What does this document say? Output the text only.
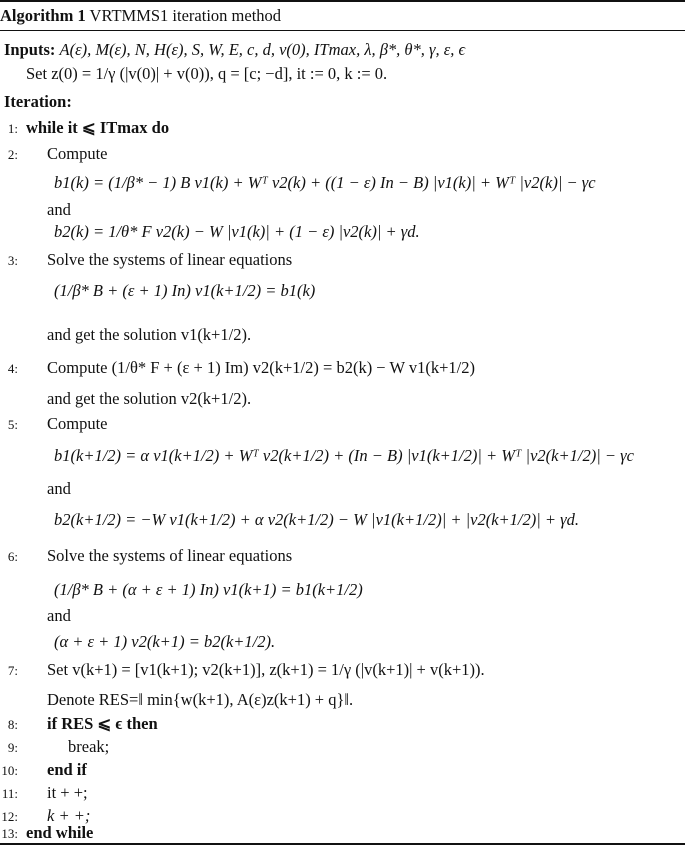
Algorithm 1 VRTMMS1 iteration method
Inputs: A(ε), M(ε), N, H(ε), S, W, E, c, d, v(0), ITmax, λ, β*, θ*, γ, ε, ϵ
Set z(0) = 1/γ (|v(0)| + v(0)), q = [c; −d], it := 0, k := 0.
Iteration:
1: while it ⩽ ITmax do
2: Compute
b1(k) = (1/β* − 1) B v1(k) + Wᵀ v2(k) + ((1 − ε) In − B) |v1(k)| + Wᵀ |v2(k)| − γc
and
b2(k) = 1/θ* F v2(k) − W |v1(k)| + (1 − ε) |v2(k)| + γd.
3: Solve the systems of linear equations
(1/β* B + (ε + 1) In) v1(k+1/2) = b1(k)
and get the solution v1(k+1/2).
4: Compute (1/θ* F + (ε + 1) Im) v2(k+1/2) = b2(k) − W v1(k+1/2)
and get the solution v2(k+1/2).
5: Compute
b1(k+1/2) = α v1(k+1/2) + Wᵀ v2(k+1/2) + (In − B) |v1(k+1/2)| + Wᵀ |v2(k+1/2)| − γc
and
b2(k+1/2) = −W v1(k+1/2) + α v2(k+1/2) − W |v1(k+1/2)| + |v2(k+1/2)| + γd.
6: Solve the systems of linear equations
(1/β* B + (α + ε + 1) In) v1(k+1) = b1(k+1/2)
and
(α + ε + 1) v2(k+1) = b2(k+1/2).
7: Set v(k+1) = [v1(k+1); v2(k+1)], z(k+1) = 1/γ (|v(k+1)| + v(k+1)).
Denote RES=‖ min{w(k+1), A(ε)z(k+1) + q}‖.
8: if RES ⩽ ϵ then
9:	break;
10: end if
11: it + +;
12: k + +;
13: end while
